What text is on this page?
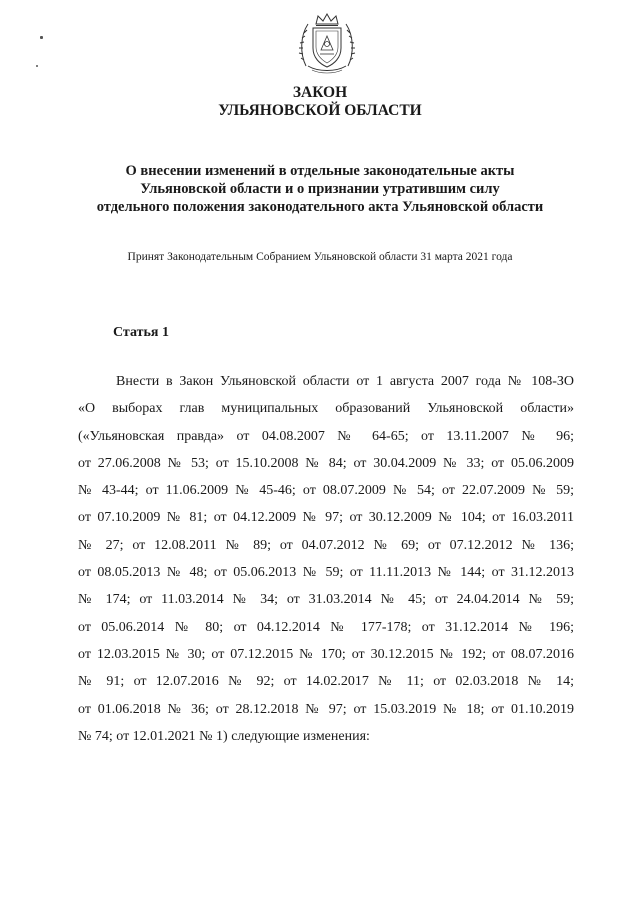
ЗАКОН
УЛЬЯНОВСКОЙ ОБЛАСТИ
О внесении изменений в отдельные законодательные акты
Ульяновской области и о признании утратившим силу
отдельного положения законодательного акта Ульяновской области
Принят Законодательным Собранием Ульяновской области 31 марта 2021 года
Статья 1
Внести в Закон Ульяновской области от 1 августа 2007 года № 108-ЗО
«О выборах глав муниципальных образований Ульяновской области»
(«Ульяновская правда» от 04.08.2007 № 64-65; от 13.11.2007 № 96;
от 27.06.2008 № 53; от 15.10.2008 № 84; от 30.04.2009 № 33; от 05.06.2009
№ 43-44; от 11.06.2009 № 45-46; от 08.07.2009 № 54; от 22.07.2009 № 59;
от 07.10.2009 № 81; от 04.12.2009 № 97; от 30.12.2009 № 104; от 16.03.2011
№ 27; от 12.08.2011 № 89; от 04.07.2012 № 69; от 07.12.2012 № 136;
от 08.05.2013 № 48; от 05.06.2013 № 59; от 11.11.2013 № 144; от 31.12.2013
№ 174; от 11.03.2014 № 34; от 31.03.2014 № 45; от 24.04.2014 № 59;
от 05.06.2014 № 80; от 04.12.2014 № 177-178; от 31.12.2014 № 196;
от 12.03.2015 № 30; от 07.12.2015 № 170; от 30.12.2015 № 192; от 08.07.2016
№ 91; от 12.07.2016 № 92; от 14.02.2017 № 11; от 02.03.2018 № 14;
от 01.06.2018 № 36; от 28.12.2018 № 97; от 15.03.2019 № 18; от 01.10.2019
№ 74; от 12.01.2021 № 1) следующие изменения:
